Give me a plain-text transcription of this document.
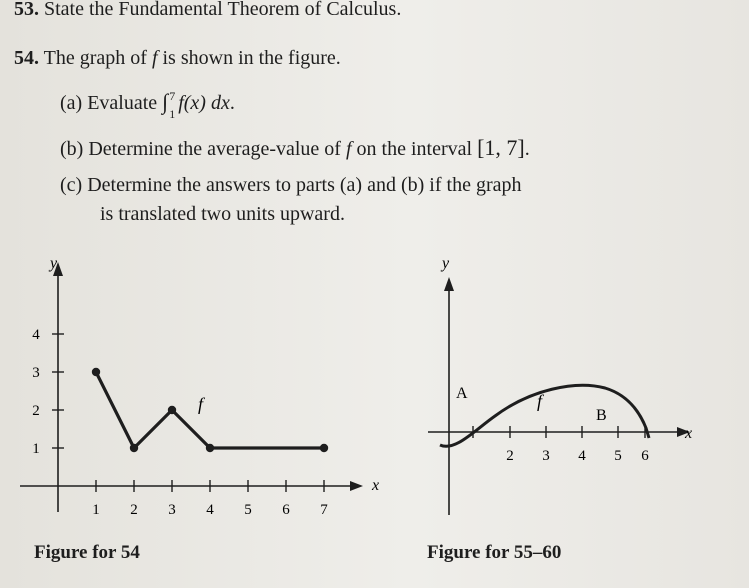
53. State the Fundamental Theorem of Calculus.
54. The graph of f is shown in the figure.
(a) Evaluate ∫ 7
1
f(x) dx.
(b) Determine the average-value of f on the interval [1, 7].
(c) Determine the answers to parts (a) and (b) if the graph
is translated two units upward.
y
x
1 2 3 4 5 6 7
1
2
3
4
f
y
x
2 3 4 5 6
A
B
f
Figure for 54	Figure for 55–60
